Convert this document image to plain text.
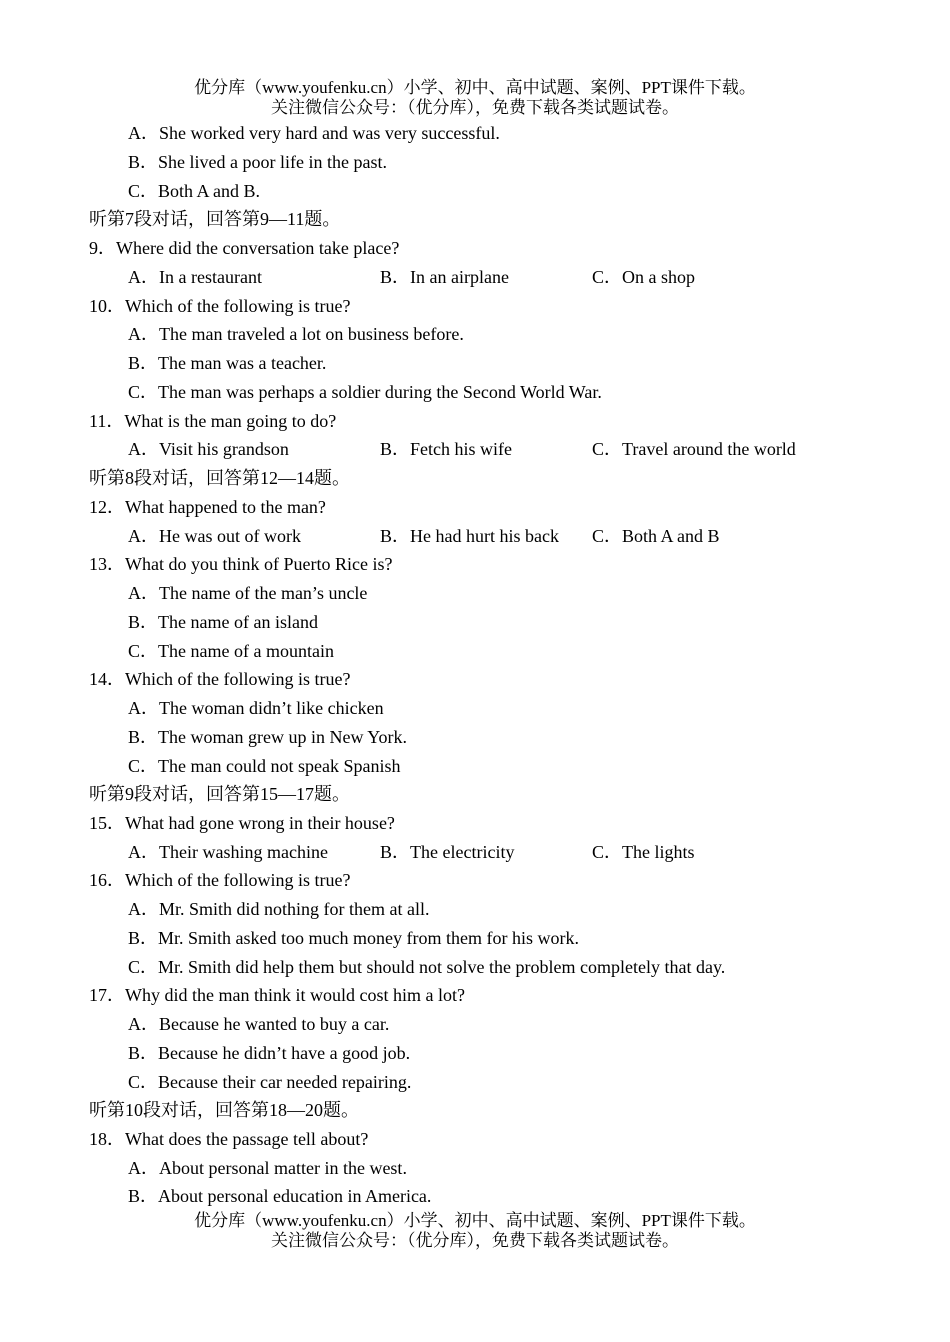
优分库（www.youfenku.cn）小学、初中、高中试题、案例、PPT课件下载。
关注微信公众号：（优分库），免费下载各类试题试卷。
A．She worked very hard and was very successful.
B．She lived a poor life in the past.
C．Both A and B.
听第7段对话，回答第9—11题。
9．Where did the conversation take place?
A．In a restaurant	B．In an airplane	C．On a shop
10．Which of the following is true?
A．The man traveled a lot on business before.
B．The man was a teacher.
C．The man was perhaps a soldier during the Second World War.
11．What is the man going to do?
A．Visit his grandson	B．Fetch his wife	C．Travel around the world
听第8段对话，回答第12—14题。
12．What happened to the man?
A．He was out of work	B．He had hurt his back C．Both A and B
13．What do you think of Puerto Rice is?
A．The name of the man’s uncle
B．The name of an island
C．The name of a mountain
14．Which of the following is true?
A．The woman didn’t like chicken
B．The woman grew up in New York.
C．The man could not speak Spanish
听第9段对话，回答第15—17题。
15．What had gone wrong in their house?
A．Their washing machine	B．The electricity	C．The lights
16．Which of the following is true?
A．Mr. Smith did nothing for them at all.
B．Mr. Smith asked too much money from them for his work.
C．Mr. Smith did help them but should not solve the problem completely that day.
17．Why did the man think it would cost him a lot?
A．Because he wanted to buy a car.
B．Because he didn’t have a good job.
C．Because their car needed repairing.
听第10段对话，回答第18—20题。
18．What does the passage tell about?
A．About personal matter in the west.
B．About personal education in America.
优分库（www.youfenku.cn）小学、初中、高中试题、案例、PPT课件下载。
关注微信公众号：（优分库），免费下载各类试题试卷。
